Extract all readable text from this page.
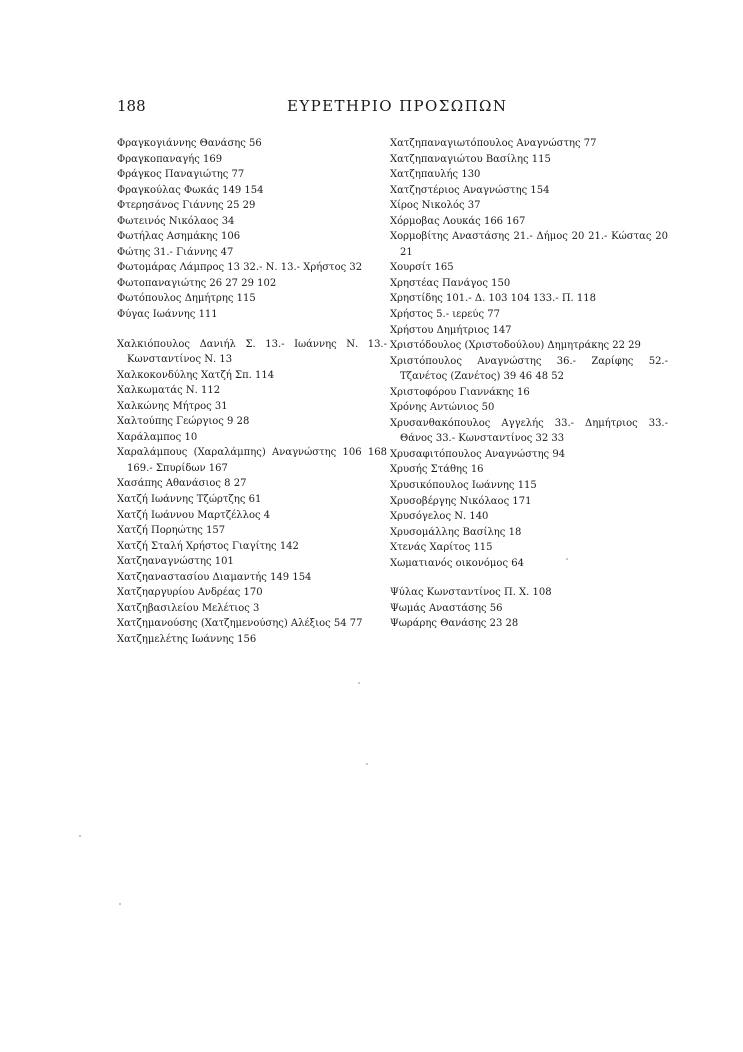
188	ΕΥΡΕΤΗΡΙΟ ΠΡΟΣΩΠΩΝ
Φραγκογιάννης Θανάσης 56
Φραγκοπαναγής 169
Φράγκος Παναγιώτης 77
Φραγκούλας Φωκάς 149 154
Φτερησάνος Γιάννης 25 29
Φωτεινός Νικόλαος 34
Φωτήλας Ασημάκης 106
Φώτης 31.- Γιάννης 47
Φωτομάρας Λάμπρος 13 32.- Ν. 13.- Χρήστος 32
Φωτοπαναγιώτης 26 27 29 102
Φωτόπουλος Δημήτρης 115
Φύγας Ιωάννης 111
Χαλκιόπουλος Δανιήλ Σ. 13.- Ιωάννης Ν. 13.- Κωνσταντίνος Ν. 13
Χαλκοκονδύλης Χατζή Σπ. 114
Χαλκωματάς Ν. 112
Χαλκώνης Μήτρος 31
Χαλτούπης Γεώργιος 9 28
Χαράλαμπος 10
Χαραλάμπους (Χαραλάμπης) Αναγνώστης 106 168 169.- Σπυρίδων 167
Χασάπης Αθανάσιος 8 27
Χατζή Ιωάννης Τζώρτζης 61
Χατζή Ιωάννου Μαρτζέλλος 4
Χατζή Πορηώτης 157
Χατζή Σταλή Χρήστος Γιαγίτης 142
Χατζηαναγνώστης 101
Χατζηαναστασίου Διαμαντής 149 154
Χατζηαργυρίου Ανδρέας 170
Χατζηβασιλείου Μελέτιος 3
Χατζημανούσης (Χατζημενούσης) Αλέξιος 54 77
Χατζημελέτης Ιωάννης 156
Χατζηπαναγιωτόπουλος Αναγνώστης 77
Χατζηπαναγιώτου Βασίλης 115
Χατζηπαυλής 130
Χατζηστέριος Αναγνώστης 154
Χίρος Νικολός 37
Χόρμοβας Λουκάς 166 167
Χορμοβίτης Αναστάσης 21.- Δήμος 20 21.- Κώστας 20 21
Χουρσίτ 165
Χρηστέας Πανάγος 150
Χρηστίδης 101.- Δ. 103 104 133.- Π. 118
Χρήστος 5.- ιερεύς 77
Χρήστου Δημήτριος 147
Χριστόδουλος (Χριστοδούλου) Δημητράκης 22 29
Χριστόπουλος Αναγνώστης 36.- Ζαρίφης 52.- Τζανέτος (Ζανέτος) 39 46 48 52
Χριστοφόρου Γιαννάκης 16
Χρόνης Αντώνιος 50
Χρυσανθακόπουλος Αγγελής 33.- Δημήτριος 33.- Θάνος 33.- Κωνσταντίνος 32 33
Χρυσαφιτόπουλος Αναγνώστης 94
Χρυσής Στάθης 16
Χρυσικόπουλος Ιωάννης 115
Χρυσοβέργης Νικόλαος 171
Χρυσόγελος Ν. 140
Χρυσομάλλης Βασίλης 18
Χτενάς Χαρίτος 115
Χωματιανός οικονόμος 64
Ψύλας Κωνσταντίνος Π. Χ. 108
Ψωμάς Αναστάσης 56
Ψωράρης Θανάσης 23 28
